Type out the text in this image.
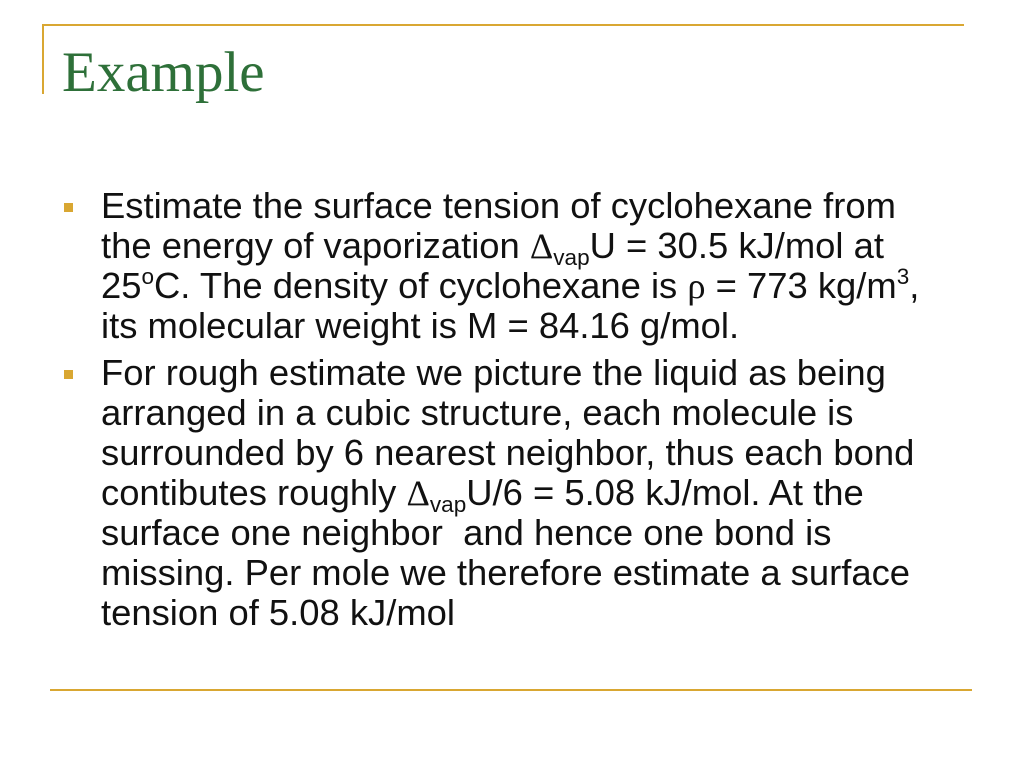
Example
Estimate the surface tension of cyclohexane from
the energy of vaporization ΔvapU = 30.5 kJ/mol at
25$^o$C. The density of cyclohexane is ρ = 773 $kg/m^3$,
its molecular weight is M = 84.16 g/mol.
For rough estimate we picture the liquid as being
arranged in a cubic structure, each molecule is
surrounded by 6 nearest neighbor, thus each bond
contibutes roughly ΔvapU/6 = 5.08 kJ/mol. At the
surface one neighbor  and hence one bond is
missing. Per mole we therefore estimate a surface
tension of 5.08 kJ/mol
